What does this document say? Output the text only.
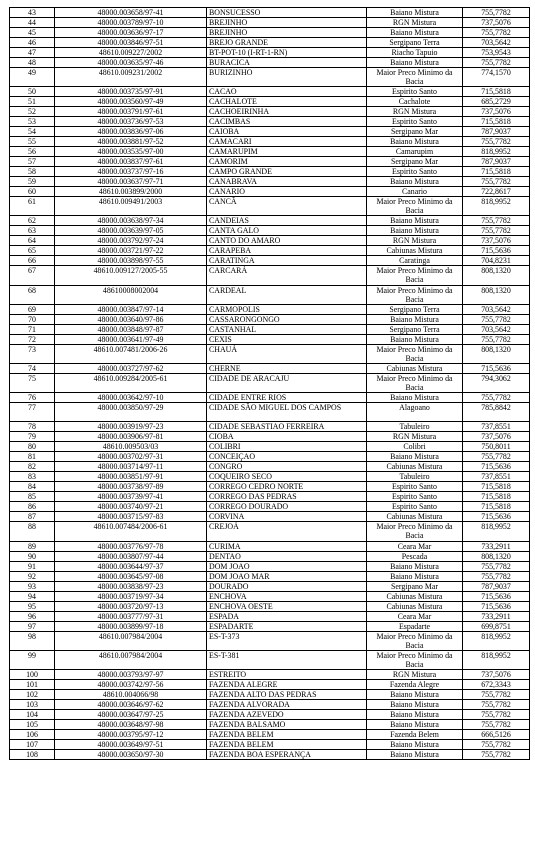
43	48000.003658/97-41	BONSUCESSO	Baiano Mistura	755,7782
44	48000.003789/97-10	BREJINHO	RGN Mistura	737,5076
45	48000.003636/97-17	BREJINHO	Baiano Mistura	755,7782
46	48000.003846/97-51	BREJO GRANDE	Sergipano Terra	703,5642
47	48610.009227/2002	BT-POT-10 (I-RT-1-RN)	Riacho Tapuio	753,9543
48	48000.003635/97-46	BURACICA	Baiano Mistura	755,7782
49	48610.009231/2002	BURIZINHO	Maior Preco Minimo da Bacia	774,1570
50	48000.003735/97-91	CACAO	Espirito Santo	715,5818
51	48000.003560/97-49	CACHALOTE	Cachalote	685,2729
52	48000.003791/97-61	CACHOEIRINHA	RGN Mistura	737,5076
53	48000.003736/97-53	CACIMBAS	Espirito Santo	715,5818
54	48000.003836/97-06	CAIOBA	Sergipano Mar	787,9037
55	48000.003881/97-52	CAMACARI	Baiano Mistura	755,7782
56	48000.003535/97-00	CAMARUPIM	Camarupim	818,9952
57	48000.003837/97-61	CAMORIM	Sergipano Mar	787,9037
58	48000.003737/97-16	CAMPO GRANDE	Espirito Santo	715,5818
59	48000.003637/97-71	CANABRAVA	Baiano Mistura	755,7782
60	48610.003899/2000	CANARIO	Canario	722,8617
61	48610.009491/2003	CANCÃ	Maior Preco Minimo da Bacia	818,9952
62	48000.003638/97-34	CANDEIAS	Baiano Mistura	755,7782
63	48000.003639/97-05	CANTA GALO	Baiano Mistura	755,7782
64	48000.003792/97-24	CANTO DO AMARO	RGN Mistura	737,5076
65	48000.003721/97-22	CARAPEBA	Cabiunas Mistura	715,5636
66	48000.003898/97-55	CARATINGA	Caratinga	704,8231
67	48610.009127/2005-55	CARCARÁ	Maior Preco Minimo da Bacia	808,1320
68	48610008002004	CARDEAL	Maior Preco Minimo da Bacia	808,1320
69	48000.003847/97-14	CARMOPOLIS	Sergipano Terra	703,5642
70	48000.003640/97-86	CASSARONGONGO	Baiano Mistura	755,7782
71	48000.003848/97-87	CASTANHAL	Sergipano Terra	703,5642
72	48000.003641/97-49	CEXIS	Baiano Mistura	755,7782
73	48610.007481/2006-26	CHAUÁ	Maior Preco Minimo da Bacia	808,1320
74	48000.003727/97-62	CHERNE	Cabiunas Mistura	715,5636
75	48610.009284/2005-61	CIDADE DE ARACAJU	Maior Preco Minimo da Bacia	794,3062
76	48000.003642/97-10	CIDADE ENTRE RIOS	Baiano Mistura	755,7782
77	48000.003850/97-29	CIDADE SÃO MIGUEL DOS CAMPOS	Alagoano	785,8842
78	48000.003919/97-23	CIDADE SEBASTIAO FERREIRA	Tabuleiro	737,8551
79	48000.003906/97-81	CIOBA	RGN Mistura	737,5076
80	48610.009503/03	COLIBRI	Colibri	750,8011
81	48000.003702/97-31	CONCEIÇAO	Baiano Mistura	755,7782
82	48000.003714/97-11	CONGRO	Cabiunas Mistura	715,5636
83	48000.003851/97-91	COQUEIRO SECO	Tabuleiro	737,8551
84	48000.003738/97-89	CORREGO CEDRO NORTE	Espirito Santo	715,5818
85	48000.003739/97-41	CORREGO DAS PEDRAS	Espirito Santo	715,5818
86	48000.003740/97-21	CORREGO DOURADO	Espirito Santo	715,5818
87	48000.003715/97-83	CORVINA	Cabiunas Mistura	715,5636
88	48610.007484/2006-61	CREJOÁ	Maior Preco Minimo da Bacia	818,9952
89	48000.003776/97-78	CURIMA	Ceara Mar	733,2911
90	48000.003807/97-44	DENTAO	Pescada	808,1320
91	48000.003644/97-37	DOM JOAO	Baiano Mistura	755,7782
92	48000.003645/97-08	DOM JOAO MAR	Baiano Mistura	755,7782
93	48000.003838/97-23	DOURADO	Sergipano Mar	787,9037
94	48000.003719/97-34	ENCHOVA	Cabiunas Mistura	715,5636
95	48000.003720/97-13	ENCHOVA OESTE	Cabiunas Mistura	715,5636
96	48000.003777/97-31	ESPADA	Ceara Mar	733,2911
97	48000.003899/97-18	ESPADARTE	Espadarte	699,8751
98	48610.007984/2004	ES-T-373	Maior Preco Minimo da Bacia	818,9952
99	48610.007984/2004	ES-T-381	Maior Preco Minimo da Bacia	818,9952
100	48000.003793/97-97	ESTREITO	RGN Mistura	737,5076
101	48000.003742/97-56	FAZENDA ALEGRE	Fazenda Alegre	672,3343
102	48610.004066/98	FAZENDA ALTO DAS PEDRAS	Baiano Mistura	755,7782
103	48000.003646/97-62	FAZENDA ALVORADA	Baiano Mistura	755,7782
104	48000.003647/97-25	FAZENDA AZEVEDO	Baiano Mistura	755,7782
105	48000.003648/97-98	FAZENDA BALSAMO	Baiano Mistura	755,7782
106	48000.003795/97-12	FAZENDA BELEM	Fazenda Belem	666,5126
107	48000.003649/97-51	FAZENDA BELEM	Baiano Mistura	755,7782
108	48000.003650/97-30	FAZENDA BOA ESPERANÇA	Baiano Mistura	755,7782
